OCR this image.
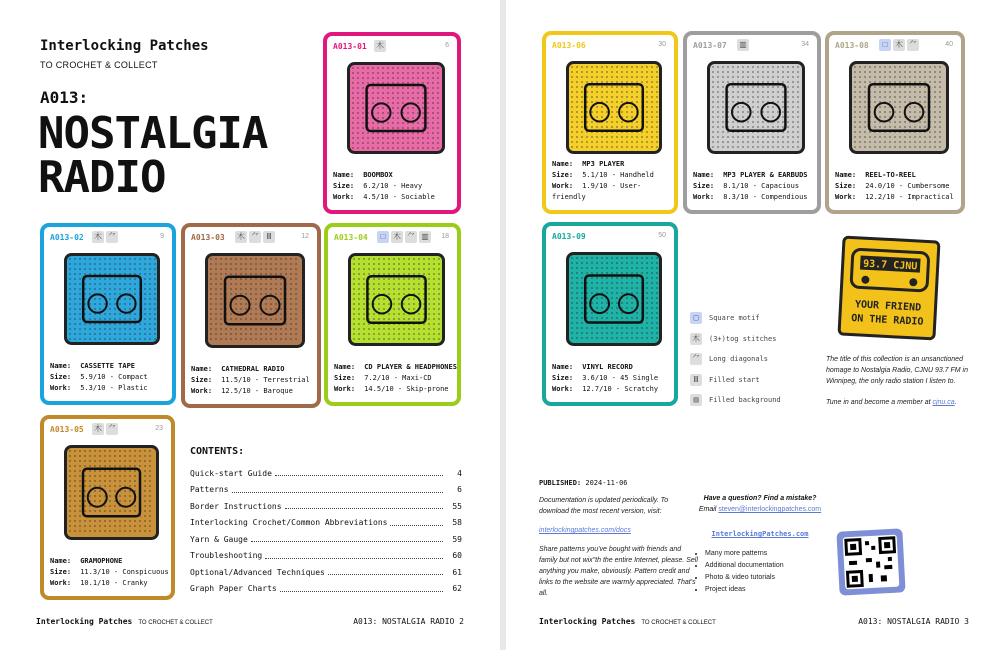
Interlocking Patches
TO CROCHET & COLLECT
A013:
NOSTALGIA
RADIO
CONTENTS:
Quick-start Guide	4
Patterns	6
Border Instructions	55
Interlocking Crochet/Common Abbreviations	58
Yarn & Gauge	59
Troubleshooting	60
Optional/Advanced Techniques	61
Graph Paper Charts	62
Interlocking Patches TO CROCHET & COLLECT	A013: NOSTALGIA RADIO 2	Interlocking Patches TO CROCHET & COLLECT	A013: NOSTALGIA RADIO 3
A013-01	6
⽊
Name: BOOMBOX
Size: 6.2/10 - Heavy
Work: 4.5/10 - Sociable
A013-02	9
⽊ ⺈
Name: CASSETTE TAPE
Size: 5.9/10 - Compact
Work: 5.3/10 - Plastic
A013-03	12
⽊ ⺈ Ⅲ
Name: CATHEDRAL RADIO
Size: 11.5/10 - Terrestrial
Work: 12.5/10 - Baroque
A013-04	18
□ ⽊ ⺈ ▥
Name: CD PLAYER & HEADPHONES
Size: 7.2/10 - Maxi-CD
Work: 14.5/10 - Skip-prone
A013-05	23
⽊ ⺈
Name: GRAMOPHONE
Size: 11.3/10 - Conspicuous
Work: 10.1/10 - Cranky
A013-06	30
Name: MP3 PLAYER
Size: 5.1/10 - Handheld
Work: 1.9/10 - User-friendly
A013-07	34
▥
Name: MP3 PLAYER & EARBUDS
Size: 8.1/10 - Capacious
Work: 8.3/10 - Compendious
A013-08	40
□ ⽊ ⺈
Name: REEL-TO-REEL
Size: 24.0/10 - Cumbersome
Work: 12.2/10 - Impractical
A013-09	50
Name: VINYL RECORD
Size: 3.6/10 - 45 Single
Work: 12.7/10 - Scratchy
□	Square motif
⽊ (3+)tog stitches
⺈ Long diagonals
Ⅲ	Filled start
▥	Filled background
93.7 CJNU
YOUR FRIEND
ON THE RADIO

The title of this collection is an unsanctioned homage to Nostalgia Radio, CJNU 93.7 FM in Winnipeg, the only radio station I listen to.

Tune in and become a member at cjnu.ca.

PUBLISHED: 2024-11-06

Documentation is updated periodically. To download the most recent version, visit:

interlockingpatches.com/docs

Share patterns you've bought with friends and family but not wix"th the entire Internet, please. Sell anything you make, obviously. Pattern credit and links to the website are warmly appreciated. That's all.

Have a question? Find a mistake?
Email steven@interlockingpatches.com
InterlockingPatches.com
• Many more patterns
• Additional documentation
• Photo & video tutorials
• Project ideas
